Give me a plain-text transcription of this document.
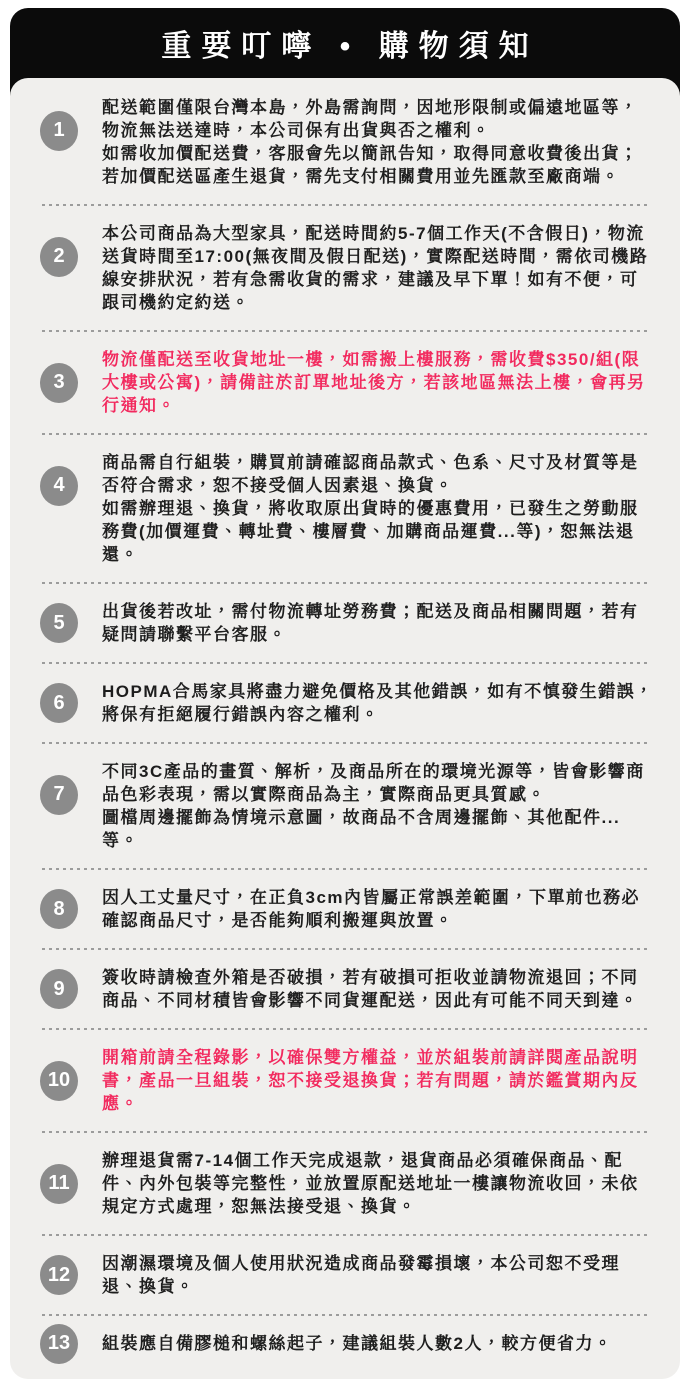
重要叮嚀 • 購物須知
1

配送範圍僅限台灣本島，外島需詢問，因地形限制或偏遠地區等，物流無法送達時，本公司保有出貨與否之權利。

如需收加價配送費，客服會先以簡訊告知，取得同意收費後出貨；若加價配送區產生退貨，需先支付相關費用並先匯款至廠商端。

2

本公司商品為大型家具，配送時間約5-7個工作天(不含假日)，物流送貨時間至17:00(無夜間及假日配送)，實際配送時間，需依司機路線安排狀況，若有急需收貨的需求，建議及早下單！如有不便，可跟司機約定約送。

3

物流僅配送至收貨地址一樓，如需搬上樓服務，需收費$350/組(限大樓或公寓)，請備註於訂單地址後方，若該地區無法上樓，會再另行通知。

4

商品需自行組裝，購買前請確認商品款式、色系、尺寸及材質等是否符合需求，恕不接受個人因素退、換貨。

如需辦理退、換貨，將收取原出貨時的優惠費用，已發生之勞動服務費(加價運費、轉址費、樓層費、加購商品運費...等)，恕無法退還。

5	出貨後若改址，需付物流轉址勞務費；配送及商品相關問題，若有疑問請聯繫平台客服。

6	HOPMA合馬家具將盡力避免價格及其他錯誤，如有不慎發生錯誤，將保有拒絕履行錯誤內容之權利。

7

不同3C產品的畫質、解析，及商品所在的環境光源等，皆會影響商品色彩表現，需以實際商品為主，實際商品更具質感。

圖檔周邊擺飾為情境示意圖，故商品不含周邊擺飾、其他配件...等。

8	因人工丈量尺寸，在正負3cm內皆屬正常誤差範圍，下單前也務必確認商品尺寸，是否能夠順利搬運與放置。

9	簽收時請檢查外箱是否破損，若有破損可拒收並請物流退回；不同商品、不同材積皆會影響不同貨運配送，因此有可能不同天到達。

10

開箱前請全程錄影，以確保雙方權益，並於組裝前請詳閱產品說明書，產品一旦組裝，恕不接受退換貨；若有問題，請於鑑賞期內反應。

11

辦理退貨需7-14個工作天完成退款，退貨商品必須確保商品、配件、內外包裝等完整性，並放置原配送地址一樓讓物流收回，未依規定方式處理，恕無法接受退、換貨。

12	因潮濕環境及個人使用狀況造成商品發霉損壞，本公司恕不受理退、換貨。

13	組裝應自備膠槌和螺絲起子，建議組裝人數2人，較方便省力。
